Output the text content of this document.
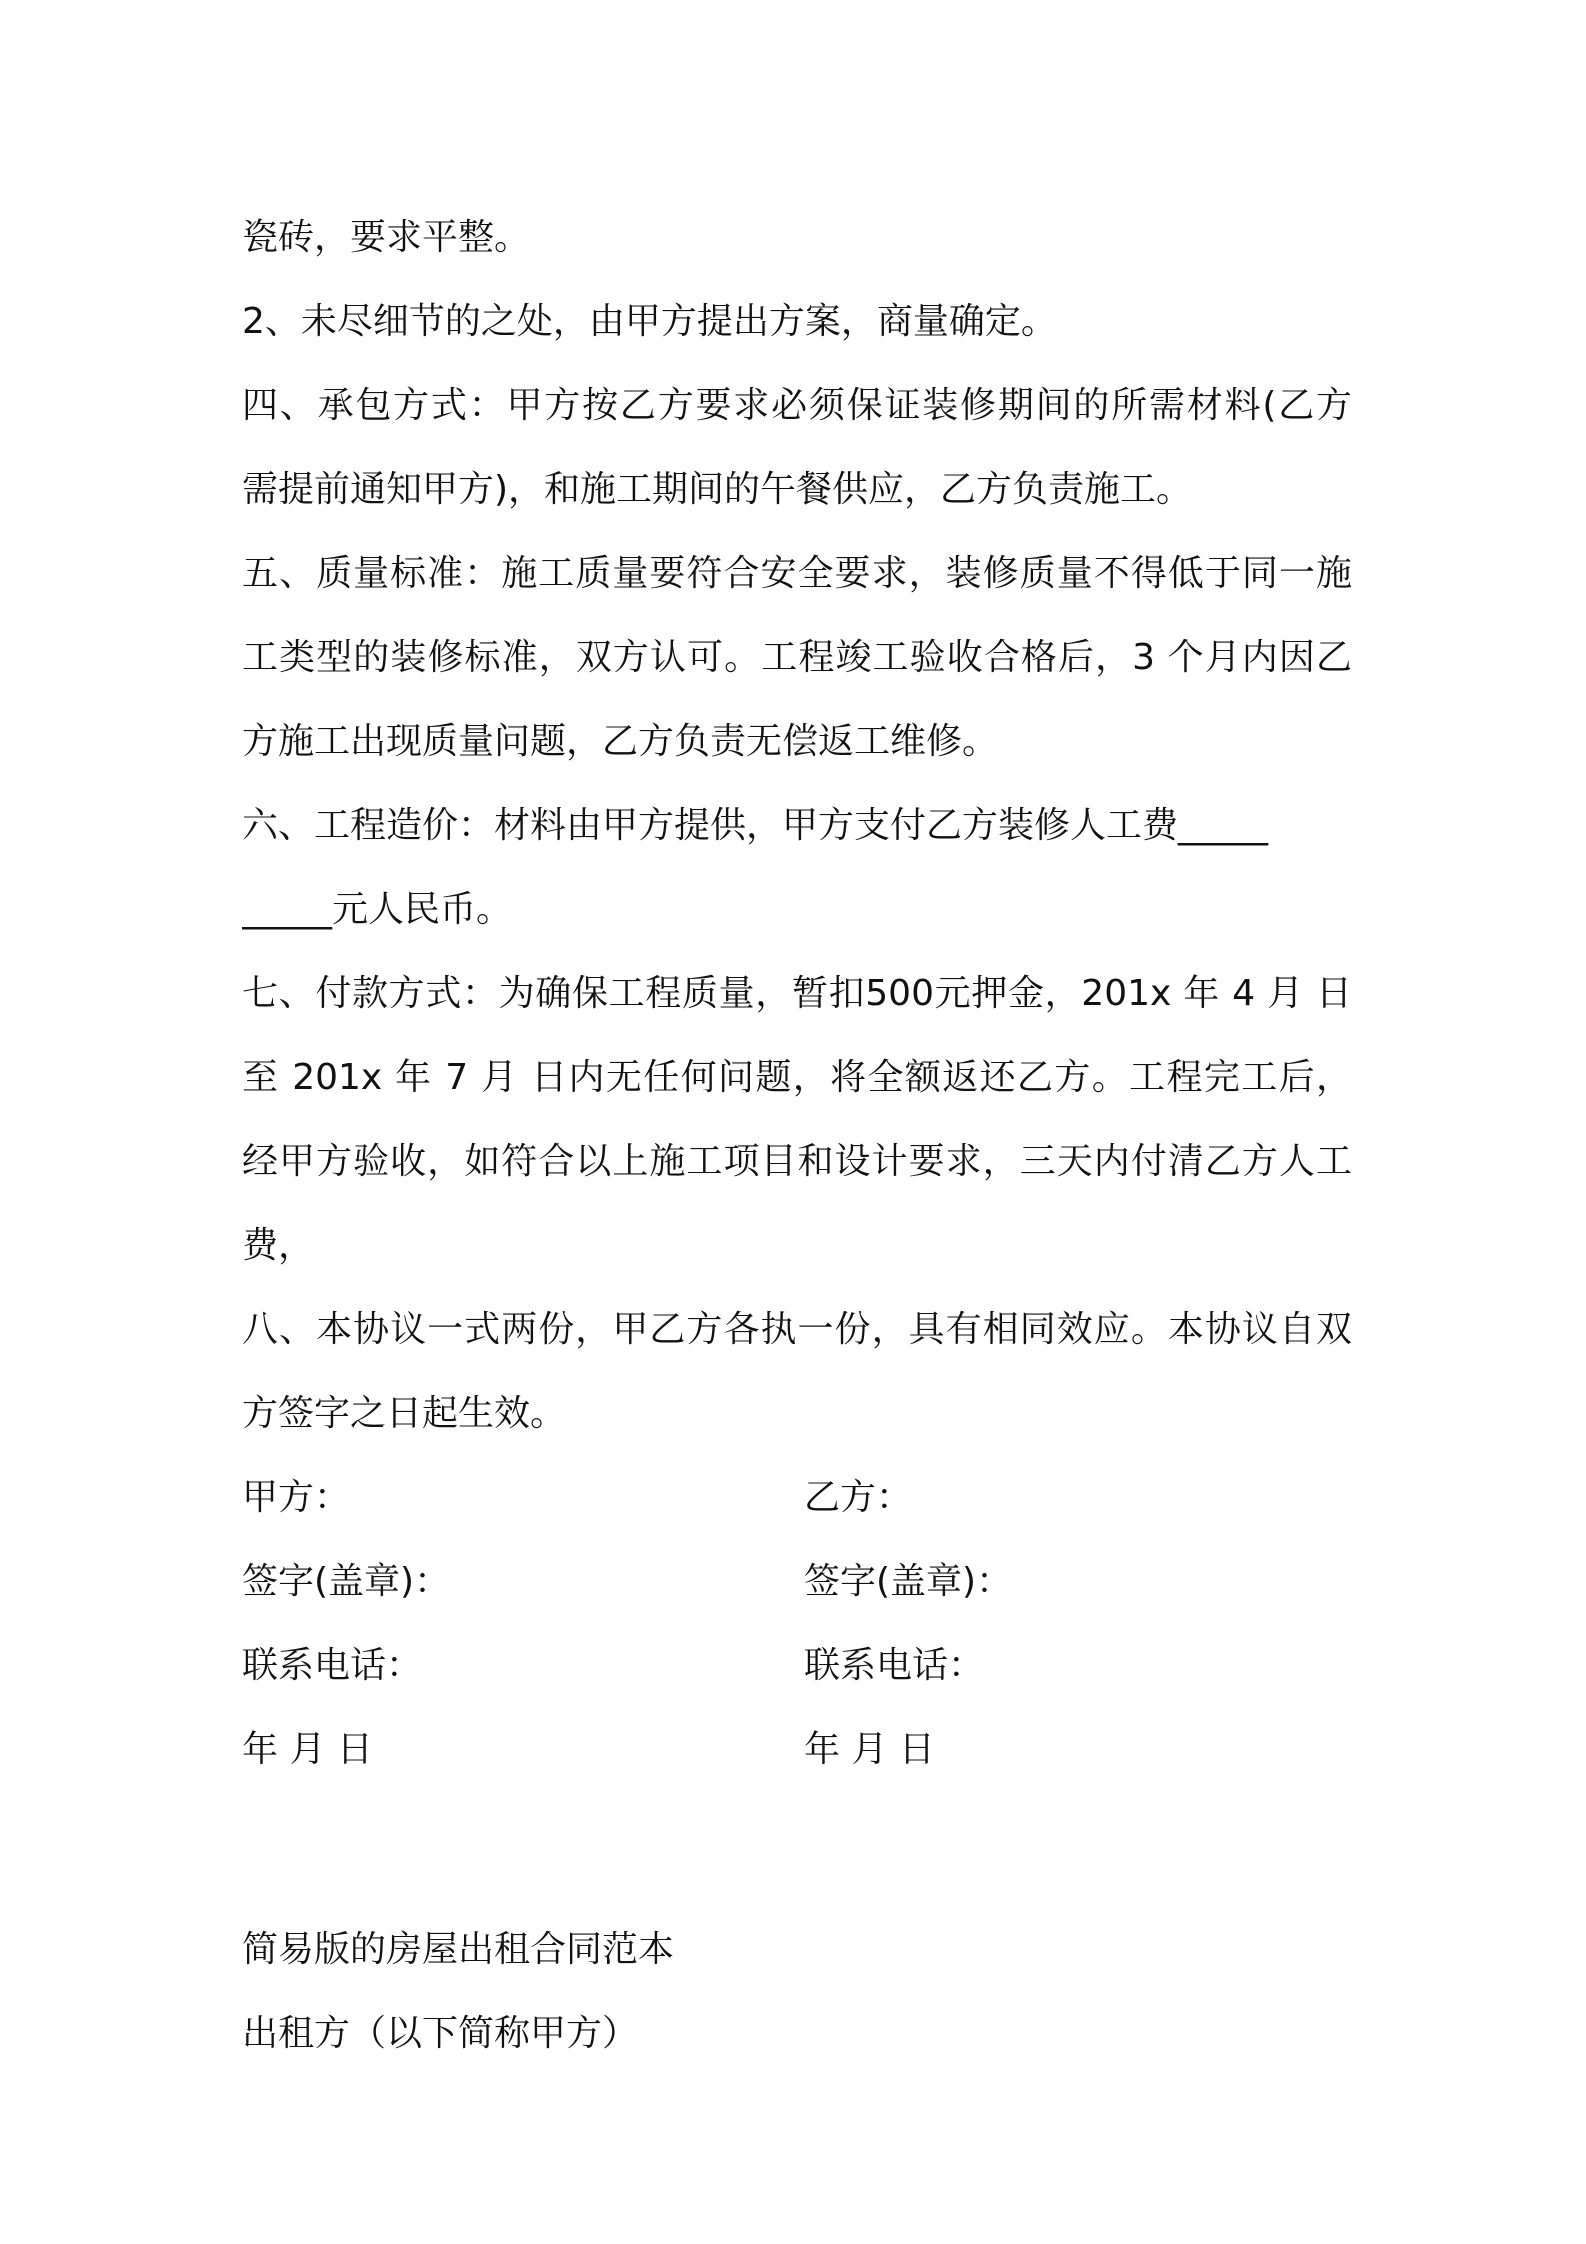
瓷砖，要求平整。
2、未尽细节的之处，由甲方提出方案，商量确定。
四、承包方式：甲方按乙方要求必须保证装修期间的所需材料(乙方
需提前通知甲方)，和施工期间的午餐供应，乙方负责施工。
五、质量标准：施工质量要符合安全要求，装修质量不得低于同一施
工类型的装修标准，双方认可。工程竣工验收合格后，3 个月内因乙
方施工出现质量问题，乙方负责无偿返工维修。
六、工程造价：材料由甲方提供，甲方支付乙方装修人工费_____
_____元人民币。
七、付款方式：为确保工程质量，暂扣500元押金，201x 年 4 月 日
至 201x 年 7 月 日内无任何问题，将全额返还乙方。工程完工后，
经甲方验收，如符合以上施工项目和设计要求，三天内付清乙方人工
费，
八、本协议一式两份，甲乙方各执一份，具有相同效应。本协议自双
方签字之日起生效。
甲方：	乙方：
签字(盖章)：	签字(盖章)：
联系电话：	联系电话：
年 月 日	年 月 日
简易版的房屋出租合同范本
出租方（以下简称甲方）
